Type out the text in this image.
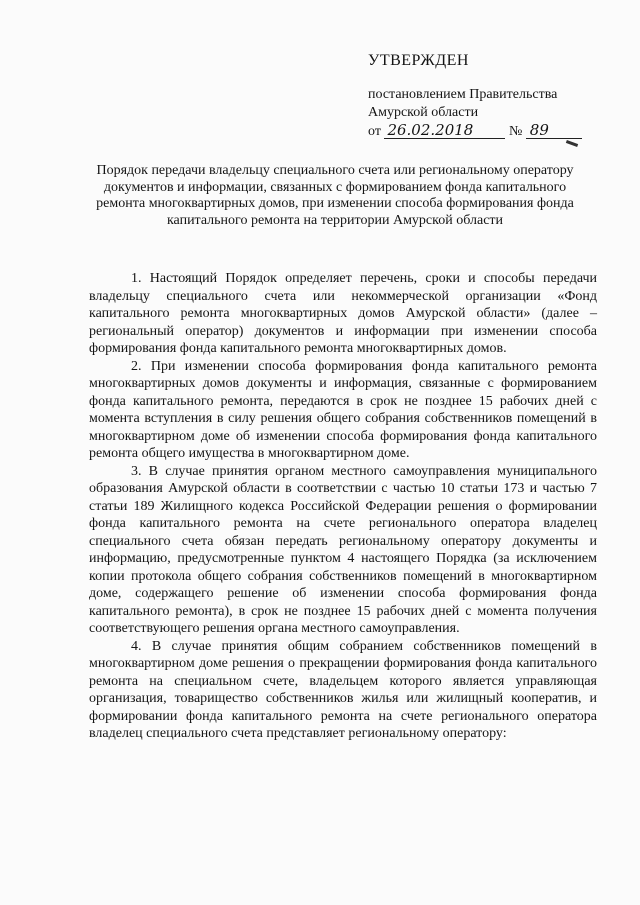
УТВЕРЖДЕН
постановлением Правительства
Амурской области
от 26.02.2018	№ 89
Порядок передачи владельцу специального счета или региональному оператору документов и информации, связанных с формированием фонда капитального ремонта многоквартирных домов, при изменении способа формирования фонда капитального ремонта на территории Амурской области

1. Настоящий Порядок определяет перечень, сроки и способы передачи владельцу специального счета или некоммерческой организации «Фонд капитального ремонта многоквартирных домов Амурской области» (далее – региональный оператор) документов и информации при изменении способа формирования фонда капитального ремонта многоквартирных домов.

2. При изменении способа формирования фонда капитального ремонта многоквартирных домов документы и информация, связанные с формированием фонда капитального ремонта, передаются в срок не позднее 15 рабочих дней с момента вступления в силу решения общего собрания собственников помещений в многоквартирном доме об изменении способа формирования фонда капитального ремонта общего имущества в многоквартирном доме.

3. В случае принятия органом местного самоуправления муниципального образования Амурской области в соответствии с частью 10 статьи 173 и частью 7 статьи 189 Жилищного кодекса Российской Федерации решения о формировании фонда капитального ремонта на счете регионального оператора владелец специального счета обязан передать региональному оператору документы и информацию, предусмотренные пунктом 4 настоящего Порядка (за исключением копии протокола общего собрания собственников помещений в многоквартирном доме, содержащего решение об изменении способа формирования фонда капитального ремонта), в срок не позднее 15 рабочих дней с момента получения соответствующего решения органа местного самоуправления.

4. В случае принятия общим собранием собственников помещений в многоквартирном доме решения о прекращении формирования фонда капитального ремонта на специальном счете, владельцем которого является управляющая организация, товарищество собственников жилья или жилищный кооператив, и формировании фонда капитального ремонта на счете регионального оператора владелец специального счета представляет региональному оператору:
